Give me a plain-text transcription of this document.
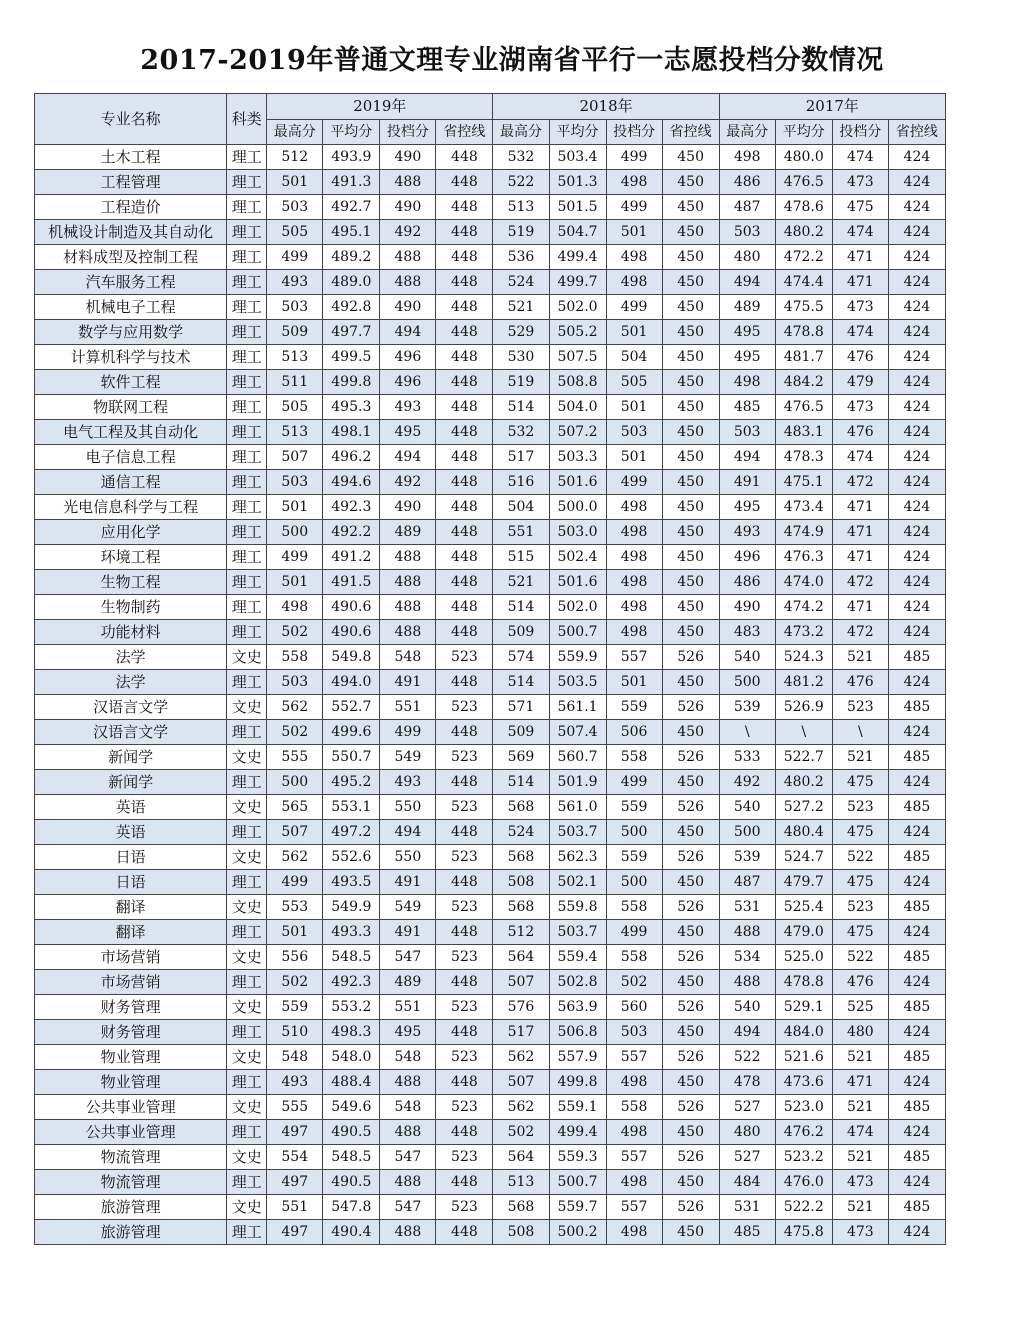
2017-2019年普通文理专业湖南省平行一志愿投档分数情况
专业名称	科类	2019年				2018年				2017年			
		最高分	平均分	投档分	省控线	最高分	平均分	投档分	省控线	最高分	平均分	投档分	省控线
土木工程	理工	512	493.9	490	448	532	503.4	499	450	498	480.0	474	424
工程管理	理工	501	491.3	488	448	522	501.3	498	450	486	476.5	473	424
工程造价	理工	503	492.7	490	448	513	501.5	499	450	487	478.6	475	424
机械设计制造及其自动化	理工	505	495.1	492	448	519	504.7	501	450	503	480.2	474	424
材料成型及控制工程	理工	499	489.2	488	448	536	499.4	498	450	480	472.2	471	424
汽车服务工程	理工	493	489.0	488	448	524	499.7	498	450	494	474.4	471	424
机械电子工程	理工	503	492.8	490	448	521	502.0	499	450	489	475.5	473	424
数学与应用数学	理工	509	497.7	494	448	529	505.2	501	450	495	478.8	474	424
计算机科学与技术	理工	513	499.5	496	448	530	507.5	504	450	495	481.7	476	424
软件工程	理工	511	499.8	496	448	519	508.8	505	450	498	484.2	479	424
物联网工程	理工	505	495.3	493	448	514	504.0	501	450	485	476.5	473	424
电气工程及其自动化	理工	513	498.1	495	448	532	507.2	503	450	503	483.1	476	424
电子信息工程	理工	507	496.2	494	448	517	503.3	501	450	494	478.3	474	424
通信工程	理工	503	494.6	492	448	516	501.6	499	450	491	475.1	472	424
光电信息科学与工程	理工	501	492.3	490	448	504	500.0	498	450	495	473.4	471	424
应用化学	理工	500	492.2	489	448	551	503.0	498	450	493	474.9	471	424
环境工程	理工	499	491.2	488	448	515	502.4	498	450	496	476.3	471	424
生物工程	理工	501	491.5	488	448	521	501.6	498	450	486	474.0	472	424
生物制药	理工	498	490.6	488	448	514	502.0	498	450	490	474.2	471	424
功能材料	理工	502	490.6	488	448	509	500.7	498	450	483	473.2	472	424
法学	文史	558	549.8	548	523	574	559.9	557	526	540	524.3	521	485
法学	理工	503	494.0	491	448	514	503.5	501	450	500	481.2	476	424
汉语言文学	文史	562	552.7	551	523	571	561.1	559	526	539	526.9	523	485
汉语言文学	理工	502	499.6	499	448	509	507.4	506	450	\	\	\	424
新闻学	文史	555	550.7	549	523	569	560.7	558	526	533	522.7	521	485
新闻学	理工	500	495.2	493	448	514	501.9	499	450	492	480.2	475	424
英语	文史	565	553.1	550	523	568	561.0	559	526	540	527.2	523	485
英语	理工	507	497.2	494	448	524	503.7	500	450	500	480.4	475	424
日语	文史	562	552.6	550	523	568	562.3	559	526	539	524.7	522	485
日语	理工	499	493.5	491	448	508	502.1	500	450	487	479.7	475	424
翻译	文史	553	549.9	549	523	568	559.8	558	526	531	525.4	523	485
翻译	理工	501	493.3	491	448	512	503.7	499	450	488	479.0	475	424
市场营销	文史	556	548.5	547	523	564	559.4	558	526	534	525.0	522	485
市场营销	理工	502	492.3	489	448	507	502.8	502	450	488	478.8	476	424
财务管理	文史	559	553.2	551	523	576	563.9	560	526	540	529.1	525	485
财务管理	理工	510	498.3	495	448	517	506.8	503	450	494	484.0	480	424
物业管理	文史	548	548.0	548	523	562	557.9	557	526	522	521.6	521	485
物业管理	理工	493	488.4	488	448	507	499.8	498	450	478	473.6	471	424
公共事业管理	文史	555	549.6	548	523	562	559.1	558	526	527	523.0	521	485
公共事业管理	理工	497	490.5	488	448	502	499.4	498	450	480	476.2	474	424
物流管理	文史	554	548.5	547	523	564	559.3	557	526	527	523.2	521	485
物流管理	理工	497	490.5	488	448	513	500.7	498	450	484	476.0	473	424
旅游管理	文史	551	547.8	547	523	568	559.7	557	526	531	522.2	521	485
旅游管理	理工	497	490.4	488	448	508	500.2	498	450	485	475.8	473	424
